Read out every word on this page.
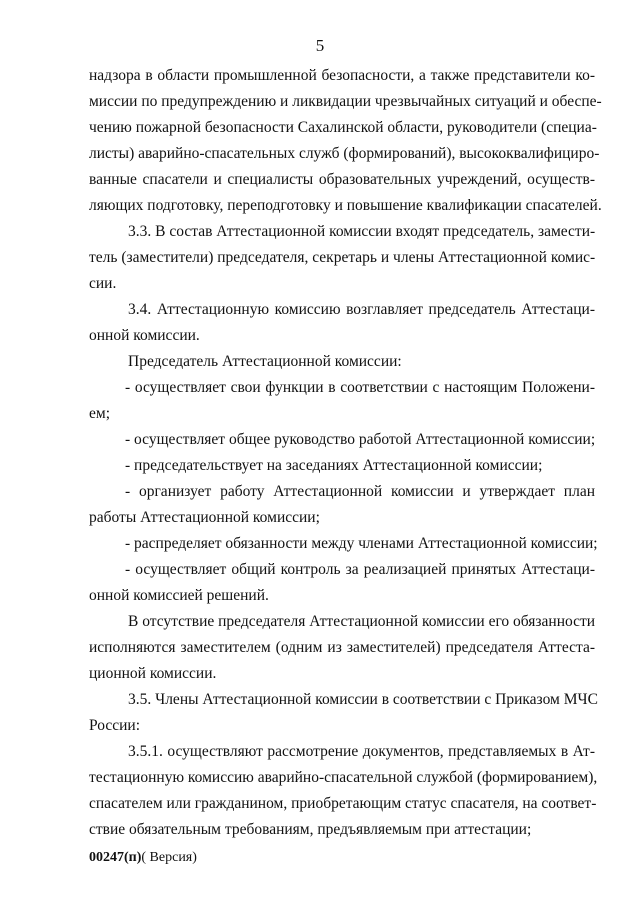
5
надзора в области промышленной безопасности, а также представители ко-
миссии по предупреждению и ликвидации чрезвычайных ситуаций и обеспе-
чению пожарной безопасности Сахалинской области, руководители (специа-
листы) аварийно-спасательных служб (формирований), высококвалифициро-
ванные спасатели и специалисты образовательных учреждений, осуществ-
ляющих подготовку, переподготовку и повышение квалификации спасателей.
3.3. В состав Аттестационной комиссии входят председатель, замести-
тель (заместители) председателя, секретарь и члены Аттестационной комис-
сии.
3.4. Аттестационную комиссию возглавляет председатель Аттестаци-
онной комиссии.
Председатель Аттестационной комиссии:
- осуществляет свои функции в соответствии с настоящим Положени-
ем;
- осуществляет общее руководство работой Аттестационной комиссии;
- председательствует на заседаниях Аттестационной комиссии;
- организует работу Аттестационной комиссии и утверждает план
работы Аттестационной комиссии;
- распределяет обязанности между членами Аттестационной комиссии;
- осуществляет общий контроль за реализацией принятых Аттестаци-
онной комиссией решений.
В отсутствие председателя Аттестационной комиссии его обязанности
исполняются заместителем (одним из заместителей) председателя Аттеста-
ционной комиссии.
3.5. Члены Аттестационной комиссии в соответствии с Приказом МЧС
России:
3.5.1. осуществляют рассмотрение документов, представляемых в Ат-
тестационную комиссию аварийно-спасательной службой (формированием),
спасателем или гражданином, приобретающим статус спасателя, на соответ-
ствие обязательным требованиям, предъявляемым при аттестации;
00247(п)( Версия)
